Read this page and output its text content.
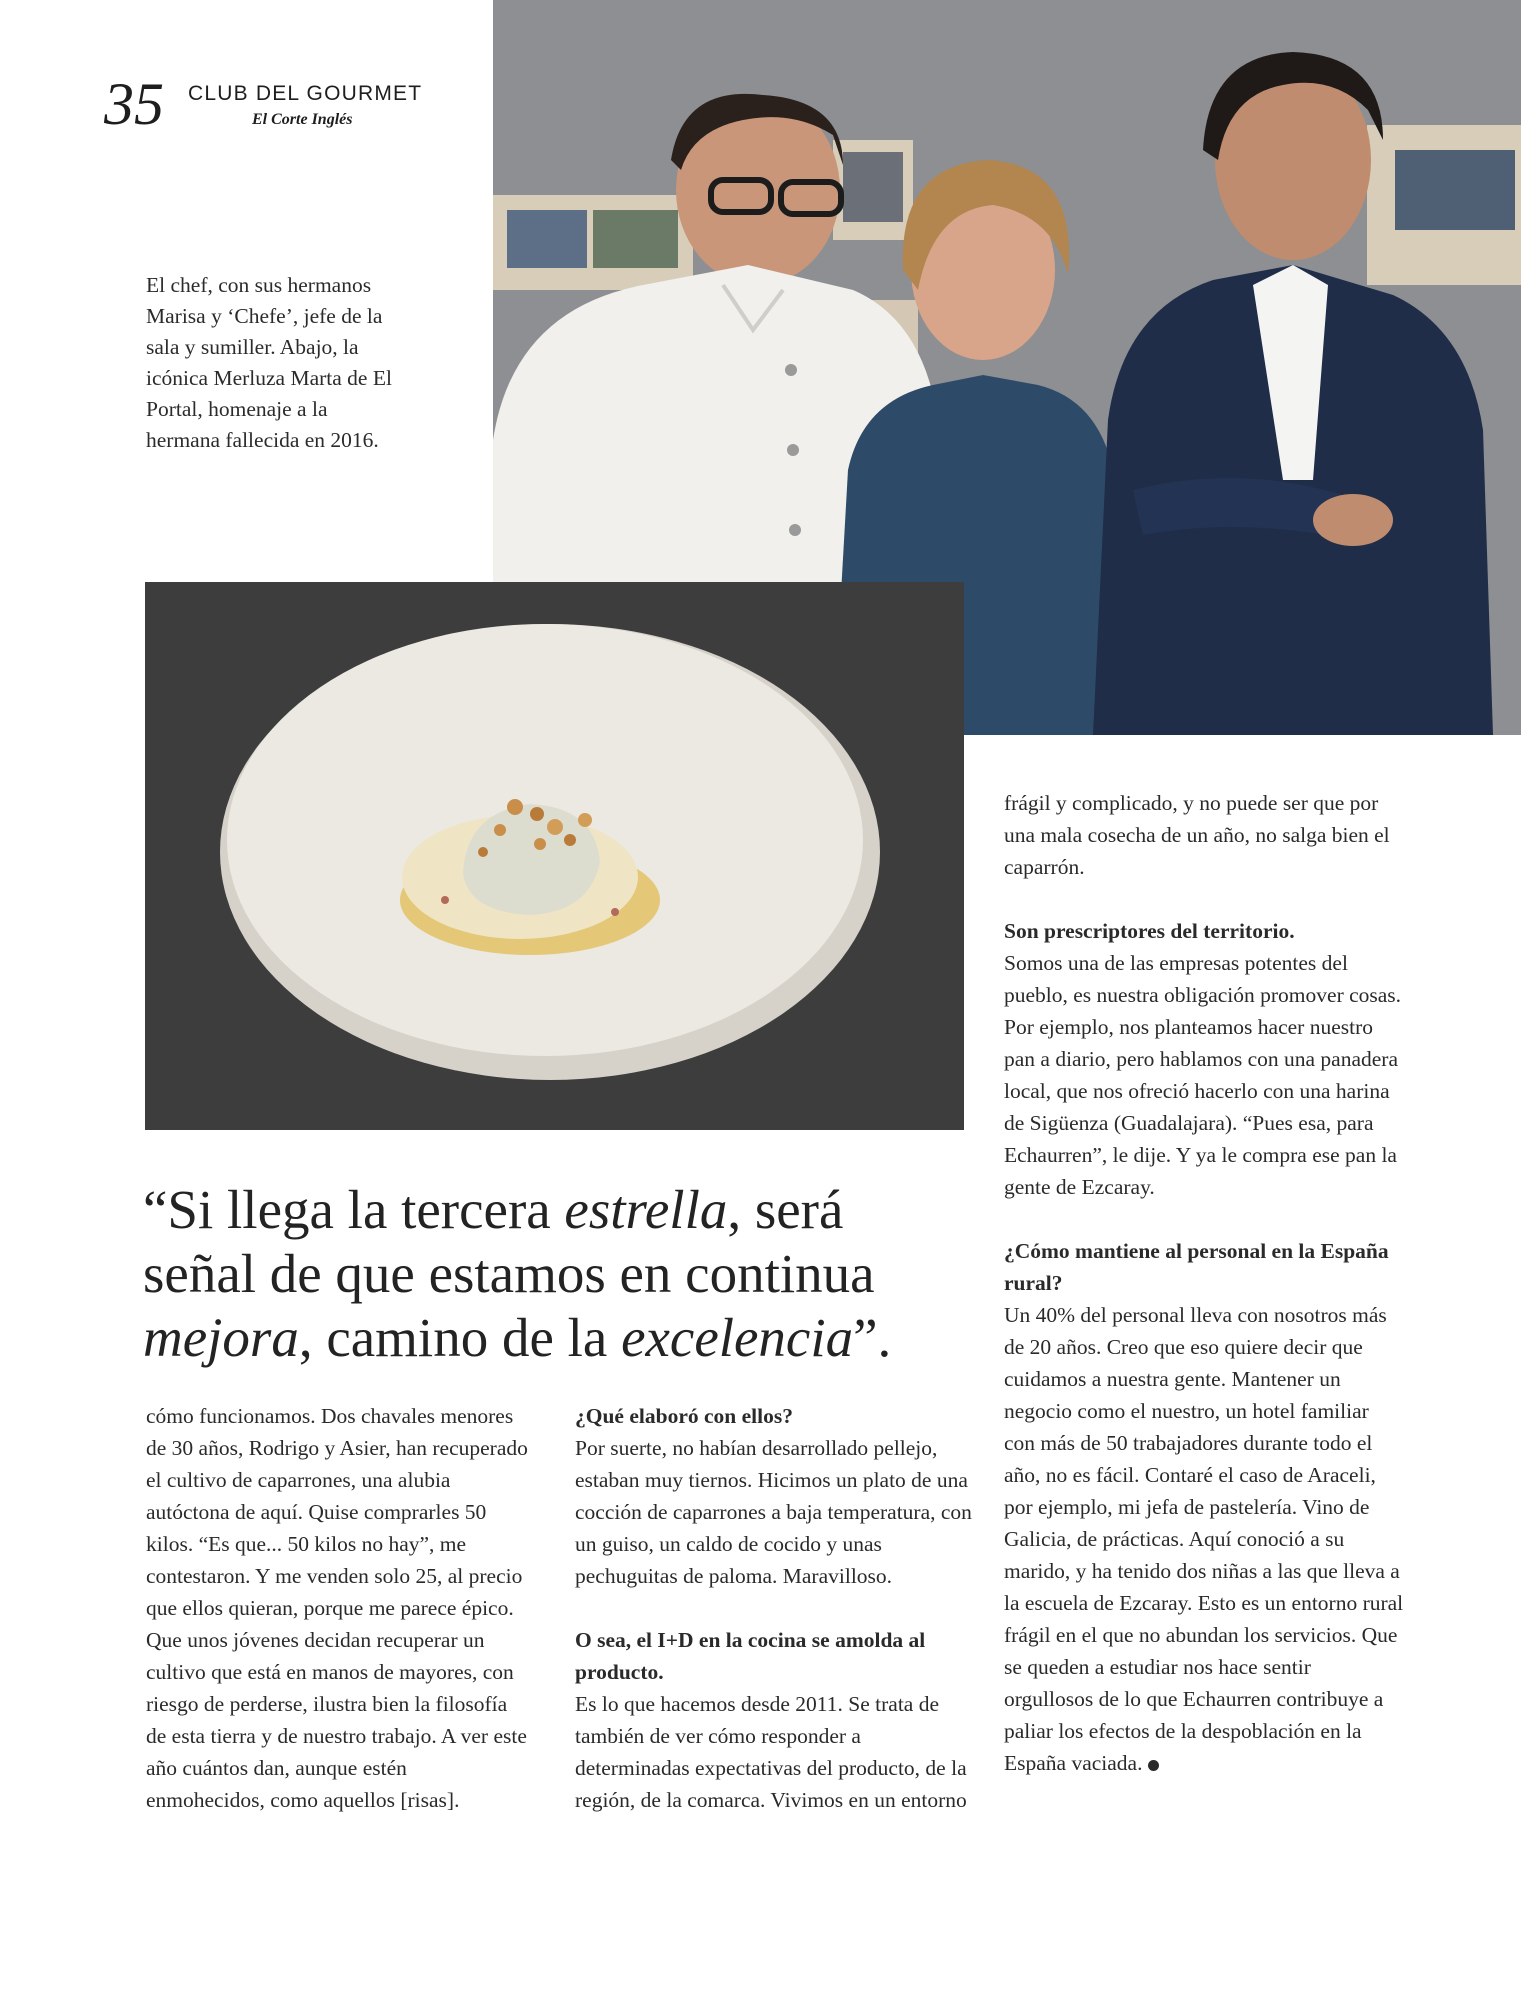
35 CLUB DEL GOURMET
El Corte Inglés
El chef, con sus hermanos Marisa y ‘Chefe’, jefe de la sala y sumiller. Abajo, la icónica Merluza Marta de El Portal, homenaje a la hermana fallecida en 2016.
“Si llega la tercera estrella, será señal de que estamos en continua mejora, camino de la excelencia”.

cómo funcionamos. Dos chavales menores de 30 años, Rodrigo y Asier, han recuperado el cultivo de caparrones, una alubia autóctona de aquí. Quise comprarles 50 kilos. “Es que... 50 kilos no hay”, me contestaron. Y me venden solo 25, al precio que ellos quieran, porque me parece épico. Que unos jóvenes decidan recuperar un cultivo que está en manos de mayores, con riesgo de perderse, ilustra bien la filosofía de esta tierra y de nuestro trabajo. A ver este año cuántos dan, aunque estén enmohecidos, como aquellos [risas].

¿Qué elaboró con ellos?
Por suerte, no habían desarrollado pellejo, estaban muy tiernos. Hicimos un plato de una cocción de caparrones a baja temperatura, con un guiso, un caldo de cocido y unas pechuguitas de paloma. Maravilloso.

O sea, el I+D en la cocina se amolda al producto.
Es lo que hacemos desde 2011. Se trata de también de ver cómo responder a determinadas expectativas del producto, de la región, de la comarca. Vivimos en un entorno

frágil y complicado, y no puede ser que por una mala cosecha de un año, no salga bien el caparrón.

Son prescriptores del territorio.
Somos una de las empresas potentes del pueblo, es nuestra obligación promover cosas. Por ejemplo, nos planteamos hacer nuestro pan a diario, pero hablamos con una panadera local, que nos ofreció hacerlo con una harina de Sigüenza (Guadalajara). “Pues esa, para Echaurren”, le dije. Y ya le compra ese pan la gente de Ezcaray.

¿Cómo mantiene al personal en la España rural?
Un 40% del personal lleva con nosotros más de 20 años. Creo que eso quiere decir que cuidamos a nuestra gente. Mantener un negocio como el nuestro, un hotel familiar con más de 50 trabajadores durante todo el año, no es fácil. Contaré el caso de Araceli, por ejemplo, mi jefa de pastelería. Vino de Galicia, de prácticas. Aquí conoció a su marido, y ha tenido dos niñas a las que lleva a la escuela de Ezcaray. Esto es un entorno rural frágil en el que no abundan los servicios. Que se queden a estudiar nos hace sentir orgullosos de lo que Echaurren contribuye a paliar los efectos de la despoblación en la España vaciada.
